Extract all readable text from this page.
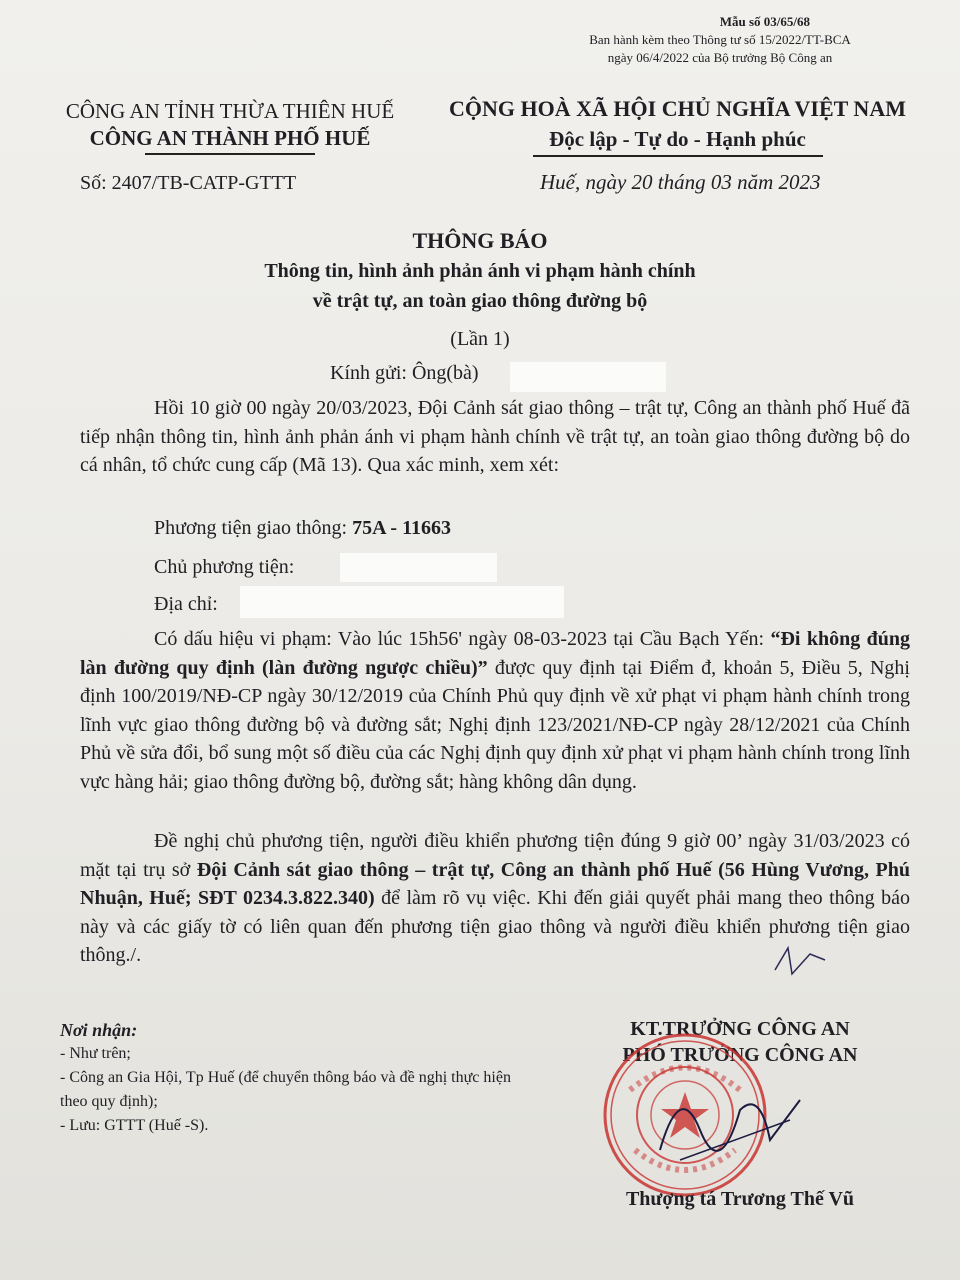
Mẫu số 03/65/68
Ban hành kèm theo Thông tư số 15/2022/TT-BCA
ngày 06/4/2022 của Bộ trưởng Bộ Công an
CÔNG AN TỈNH THỪA THIÊN HUẾ
CÔNG AN THÀNH PHỐ HUẾ
CỘNG HOÀ XÃ HỘI CHỦ NGHĨA VIỆT NAM
Độc lập - Tự do - Hạnh phúc
Số: 2407/TB-CATP-GTTT	Huế, ngày 20 tháng 03 năm 2023
THÔNG BÁO
Thông tin, hình ảnh phản ánh vi phạm hành chính
về trật tự, an toàn giao thông đường bộ
(Lần 1)
Kính gửi: Ông(bà)
Hồi 10 giờ 00 ngày 20/03/2023, Đội Cảnh sát giao thông – trật tự, Công an thành phố Huế đã tiếp nhận thông tin, hình ảnh phản ánh vi phạm hành chính về trật tự, an toàn giao thông đường bộ do cá nhân, tổ chức cung cấp (Mã 13). Qua xác minh, xem xét:
Phương tiện giao thông: 75A - 11663
Chủ phương tiện:
Địa chỉ:
Có dấu hiệu vi phạm: Vào lúc 15h56' ngày 08-03-2023 tại Cầu Bạch Yến: “Đi không đúng làn đường quy định (làn đường ngược chiều)” được quy định tại Điểm đ, khoản 5, Điều 5, Nghị định 100/2019/NĐ-CP ngày 30/12/2019 của Chính Phủ quy định về xử phạt vi phạm hành chính trong lĩnh vực giao thông đường bộ và đường sắt; Nghị định 123/2021/NĐ-CP ngày 28/12/2021 của Chính Phủ về sửa đổi, bổ sung một số điều của các Nghị định quy định xử phạt vi phạm hành chính trong lĩnh vực hàng hải; giao thông đường bộ, đường sắt; hàng không dân dụng.
Đề nghị chủ phương tiện, người điều khiển phương tiện đúng 9 giờ 00’ ngày 31/03/2023 có mặt tại trụ sở Đội Cảnh sát giao thông – trật tự, Công an thành phố Huế (56 Hùng Vương, Phú Nhuận, Huế; SĐT 0234.3.822.340) để làm rõ vụ việc. Khi đến giải quyết phải mang theo thông báo này và các giấy tờ có liên quan đến phương tiện giao thông và người điều khiển phương tiện giao thông./.
Nơi nhận:
- Như trên;
- Công an Gia Hội, Tp Huế (để chuyển thông báo và đề nghị thực hiện theo quy định);
- Lưu: GTTT (Huế -S).
KT.TRƯỞNG CÔNG AN
PHÓ TRƯỞNG CÔNG AN
Thượng tá Trương Thế Vũ
